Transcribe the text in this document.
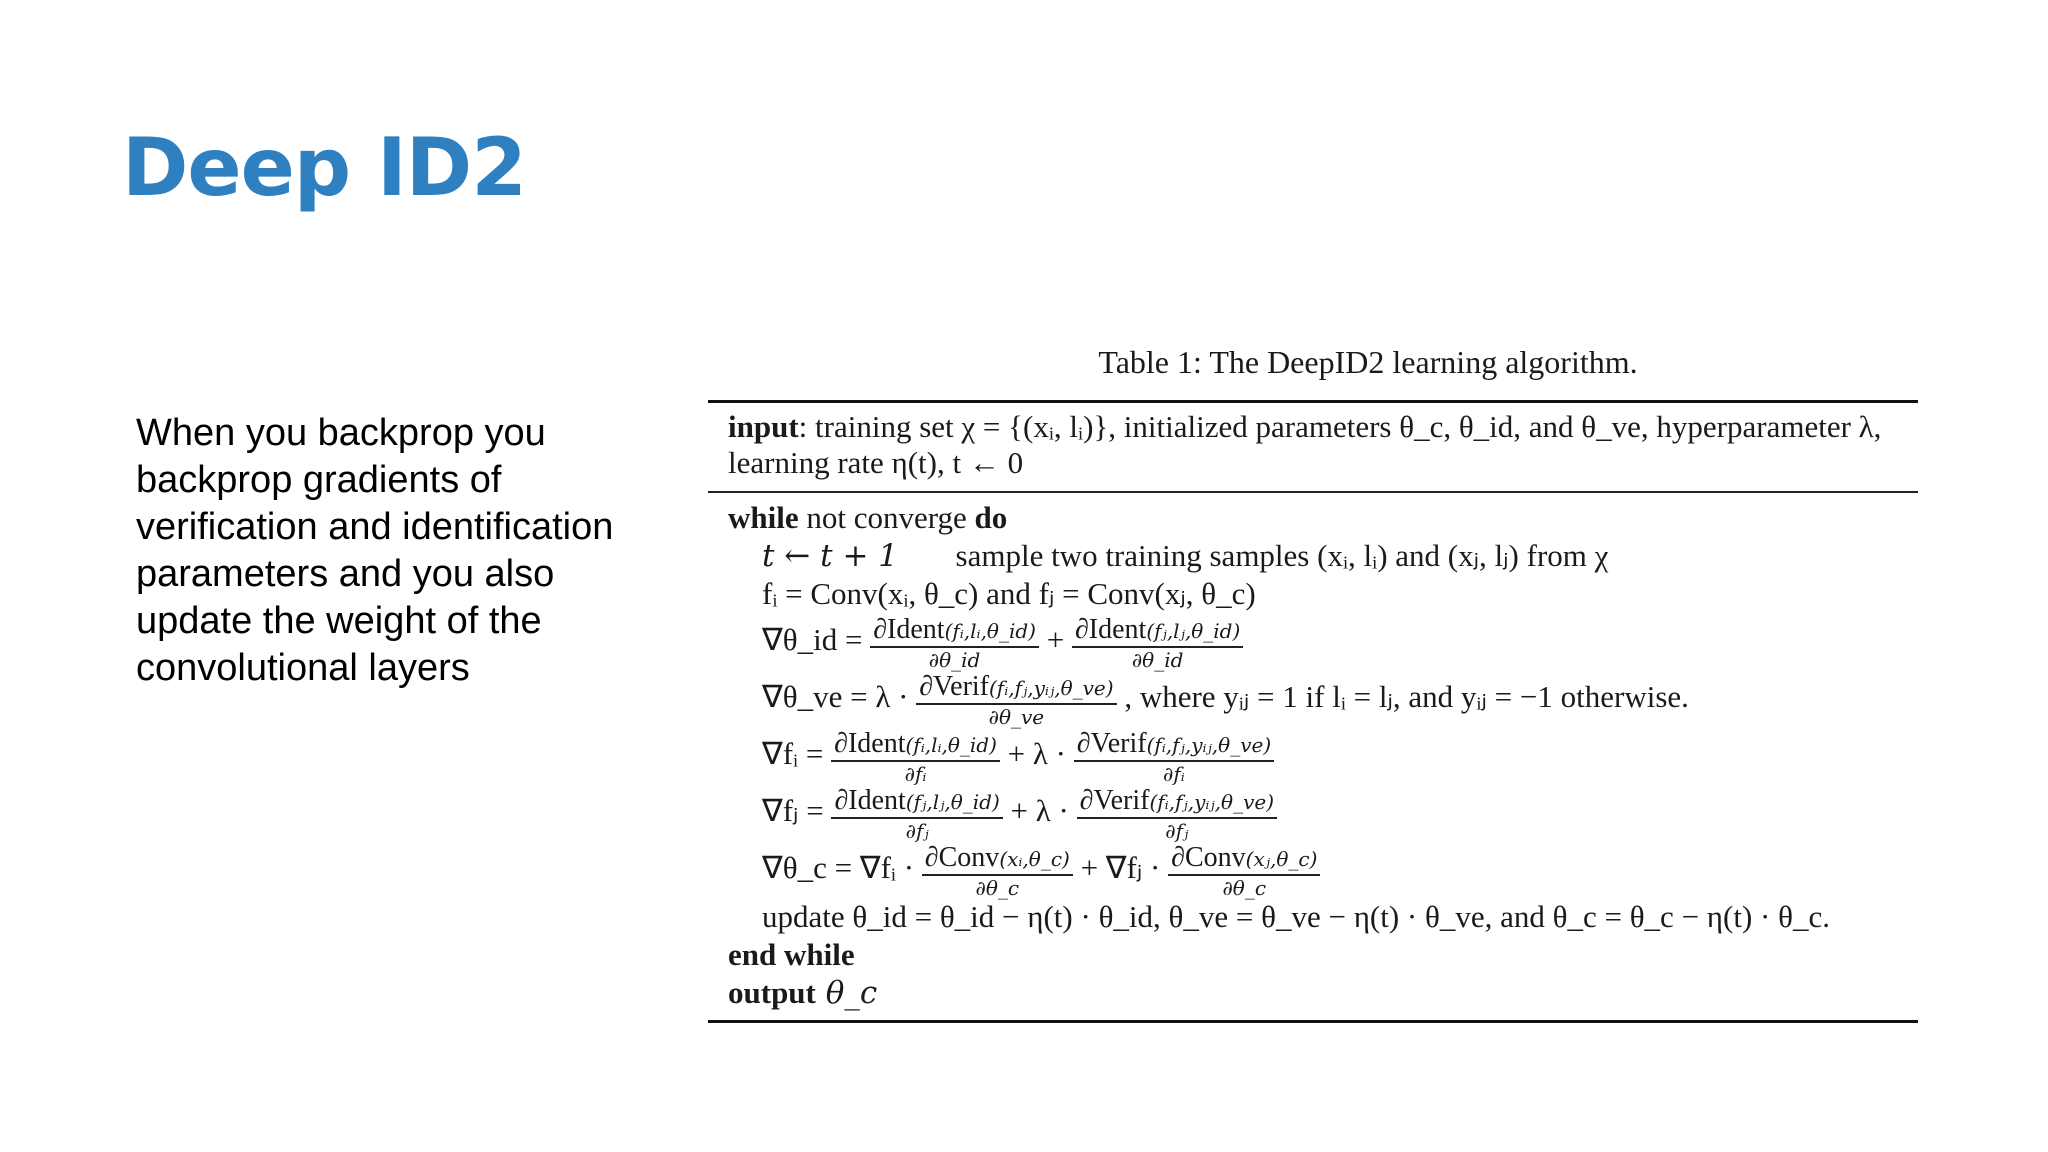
Deep ID2

When you backprop you backprop gradients of verification and identification parameters and you also update the weight of the convolutional layers

Table 1: The DeepID2 learning algorithm.
input: training set χ = {(xᵢ, lᵢ)}, initialized parameters θ_c, θ_id, and θ_ve, hyperparameter λ, learning rate η(t), t ← 0
while not converge do
t ← t + 1 sample two training samples (xᵢ, lᵢ) and (xⱼ, lⱼ) from χ
fᵢ = Conv(xᵢ, θ_c) and fⱼ = Conv(xⱼ, θ_c)
∇θ_id = $\frac{\text{∂Ident(fᵢ,lᵢ,θ\_id)}}{\partial\theta\_id} + \frac{\text{∂Ident(fⱼ,lⱼ,θ\_id)}}{\partial\theta\_id}$
∇θ_ve = $\lambda \cdot \frac{\text{∂Verif(fᵢ,fⱼ,yᵢⱼ,θ\_ve)}}{\partial\theta\_ve}$ , where yᵢⱼ = 1 if lᵢ = lⱼ, and yᵢⱼ = −1 otherwise.
∇fᵢ = $\frac{\text{∂Ident(fᵢ,lᵢ,θ\_id)}}{\text{∂fᵢ}} + \lambda \cdot \frac{\text{∂Verif(fᵢ,fⱼ,yᵢⱼ,θ\_ve)}}{\text{∂fᵢ}}$
∇fⱼ = $\frac{\text{∂Ident(fⱼ,lⱼ,θ\_id)}}{\text{∂fⱼ}} + \lambda \cdot \frac{\text{∂Verif(fᵢ,fⱼ,yᵢⱼ,θ\_ve)}}{\text{∂fⱼ}}$
∇θ_c = ∇fᵢ · $\frac{\text{∂Conv(xᵢ,θ\_c)}}{\partial\theta\_c}$ + ∇fⱼ · $\frac{\text{∂Conv(xⱼ,θ\_c)}}{\partial\theta\_c}$
update θ_id = θ_id − η(t) · θ_id, θ_ve = θ_ve − η(t) · θ_ve, and θ_c = θ_c − η(t) · θ_c.
end while
output θ_c
